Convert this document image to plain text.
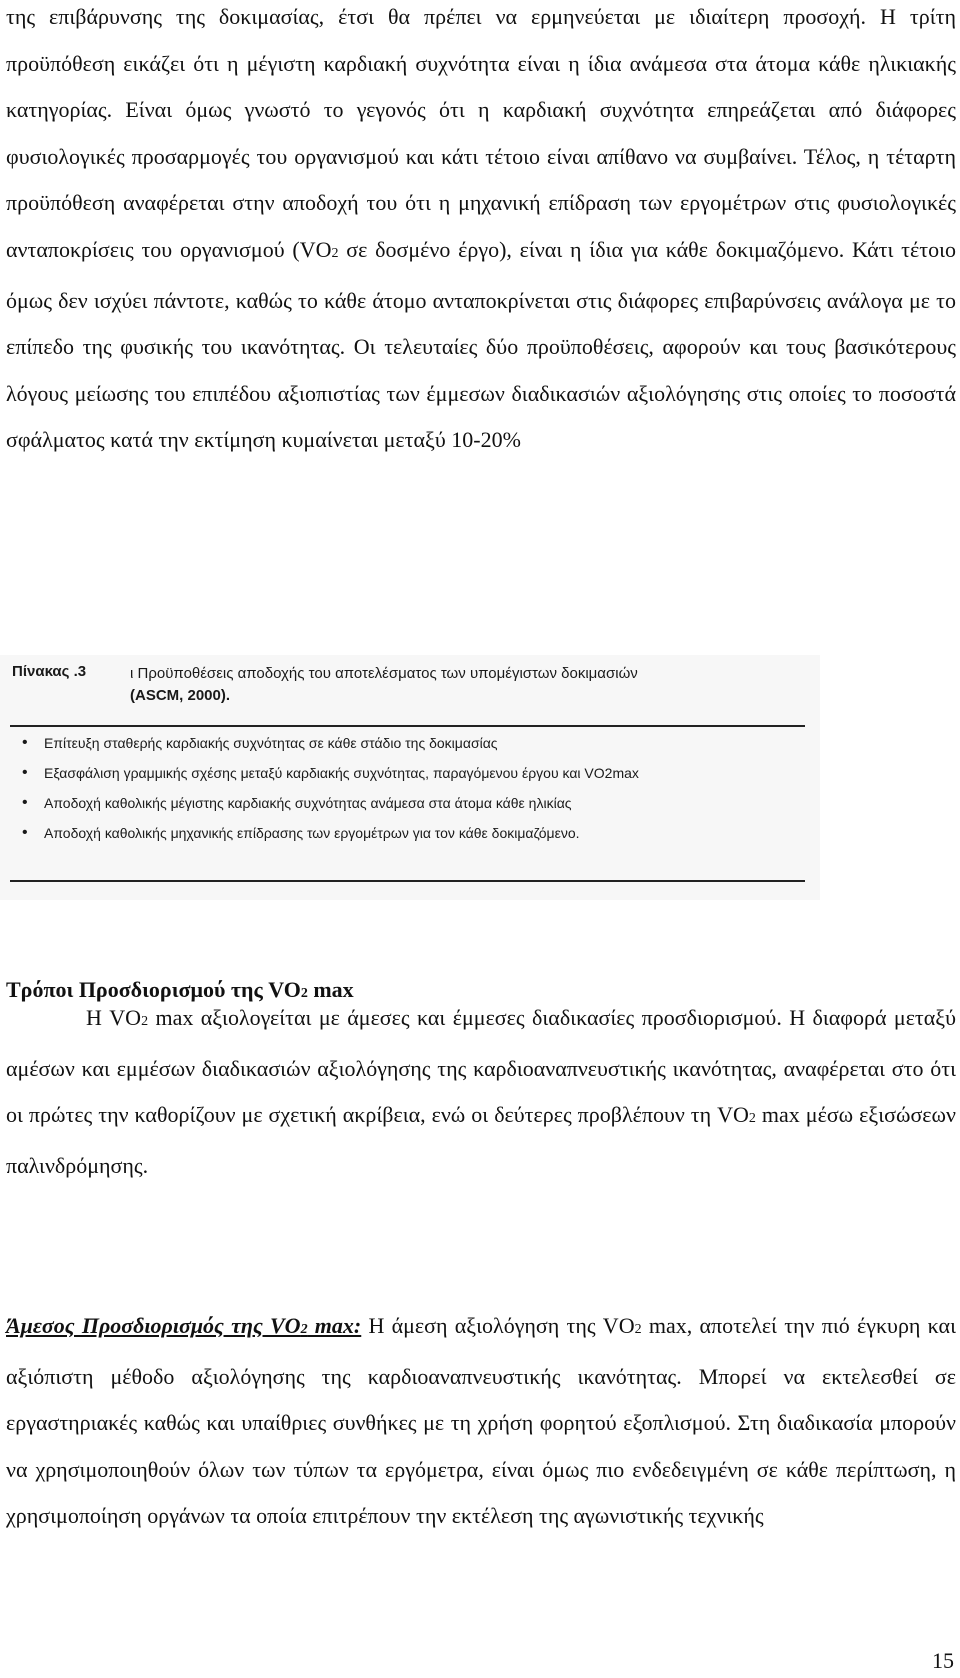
της επιβάρυνσης της δοκιμασίας, έτσι θα πρέπει να ερμηνεύεται με ιδιαίτερη προσοχή. Η τρίτη προϋπόθεση εικάζει ότι η μέγιστη καρδιακή συχνότητα είναι η ίδια ανάμεσα στα άτομα κάθε ηλικιακής κατηγορίας. Είναι όμως γνωστό το γεγονός ότι η καρδιακή συχνότητα επηρεάζεται από διάφορες φυσιολογικές προσαρμογές του οργανισμού και κάτι τέτοιο είναι απίθανο να συμβαίνει. Τέλος, η τέταρτη προϋπόθεση αναφέρεται στην αποδοχή του ότι η μηχανική επίδραση των εργομέτρων στις φυσιολογικές ανταποκρίσεις του οργανισμού (VO2 σε δοσμένο έργο), είναι η ίδια για κάθε δοκιμαζόμενο. Κάτι τέτοιο όμως δεν ισχύει πάντοτε, καθώς το κάθε άτομο ανταποκρίνεται στις διάφορες επιβαρύνσεις ανάλογα με το επίπεδο της φυσικής του ικανότητας. Οι τελευταίες δύο προϋποθέσεις, αφορούν και τους βασικότερους λόγους μείωσης του επιπέδου αξιοπιστίας των έμμεσων διαδικασιών αξιολόγησης στις οποίες το ποσοστά σφάλματος κατά την εκτίμηση κυμαίνεται μεταξύ 10-20%

Πίνακας .3	ι Προϋποθέσεις αποδοχής του αποτελέσματος των υπομέγιστων δοκιμασιών
(ASCM, 2000).
• Επίτευξη σταθερής καρδιακής συχνότητας σε κάθε στάδιο της δοκιμασίας
• Εξασφάλιση γραμμικής σχέσης μεταξύ καρδιακής συχνότητας, παραγόμενου έργου και VO2max
• Αποδοχή καθολικής μέγιστης καρδιακής συχνότητας ανάμεσα στα άτομα κάθε ηλικίας
• Αποδοχή καθολικής μηχανικής επίδρασης των εργομέτρων για τον κάθε δοκιμαζόμενο.
Τρόποι Προσδιορισμού της VO2 max

Η VO2 max αξιολογείται με άμεσες και έμμεσες διαδικασίες προσδιορισμού. Η διαφορά μεταξύ αμέσων και εμμέσων διαδικασιών αξιολόγησης της καρδιοαναπνευστικής ικανότητας, αναφέρεται στο ότι οι πρώτες την καθορίζουν με σχετική ακρίβεια, ενώ οι δεύτερες προβλέπουν τη VO2 max μέσω εξισώσεων παλινδρόμησης.

Άμεσος Προσδιορισμός της VO2 max: Η άμεση αξιολόγηση της VO2 max, αποτελεί την πιό έγκυρη και αξιόπιστη μέθοδο αξιολόγησης της καρδιοαναπνευστικής ικανότητας. Μπορεί να εκτελεσθεί σε εργαστηριακές καθώς και υπαίθριες συνθήκες με τη χρήση φορητού εξοπλισμού. Στη διαδικασία μπορούν να χρησιμοποιηθούν όλων των τύπων τα εργόμετρα, είναι όμως πιο ενδεδειγμένη σε κάθε περίπτωση, η χρησιμοποίηση οργάνων τα οποία επιτρέπουν την εκτέλεση της αγωνιστικής τεχνικής

15
